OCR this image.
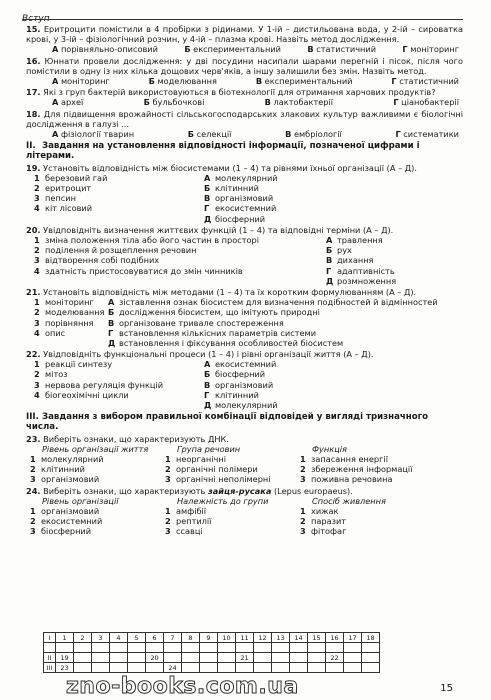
Вступ
15. Еритроцити помістили в 4 пробірки з рідинами. У 1-ій – дистильована вода, у 2-ій – сироватка крові, у 3-ій – фізіологічний розчин, у 4-ій – плазма крові. Назвіть метод дослідження.
А порівняльно-описовий	Б експериментальний	В статистичний	Г моніторинг
16. Юннати провели дослідження: у дві посудини насипали шарами перегній і пісок, після чого помістили в одну із них кілька дощових черв'яків, а іншу залишили без змін. Назвіть метод.
А моніторинг	Б моделювання	В експериментальний	Г статистичний
17. Які з груп бактерій використовуються в біотехнології для отримання харчових продуктів?
А археї	Б бульбочкові	В лактобактерії	Г ціанобактерії
18. Для підвищення врожайності сільськогосподарських злакових культур важливими є біологічні дослідження в галузі …
А фізіології тварин	Б селекції	В ембріології	Г систематики
ІІ. Завдання на установлення відповідності інформації, позначеної цифрами і літерами.
19. Установіть відповідність між біосистемами (1 – 4) та рівнями їхньої організації (А – Д).
1 березовий гай
2 еритроцит
3 пепсин
4 кіт лісовий
А молекулярний
Б клітинний
В організмовий
Г екосистемний
Д біосферний
20. Увідповідніть визначення життєвих функцій (1 – 4) та відповідні терміни (А – Д).
1 зміна положення тіла або його частин в просторі
2 поділення й розщеплення речовин
3 відтворення собі подібних
4 здатність пристосовуватися до змін чинників
А травлення
Б рух
В дихання
Г адаптивність
Д розмноження
21. Установіть відповідність між методами (1 – 4) та їх коротким формулюванням (А – Д).
1 моніторинг
2 моделювання
3 порівняння
4 опис
А зіставлення ознак біосистем для визначення подібностей й відмінностей
Б дослідження біосистем, що імітують природні
В організоване тривале спостереження
Г встановлення кількісних параметрів системи
Д встановлення і фіксування особливостей біосистем
22. Увідповідніть функціональні процеси (1 – 4) і рівні організації життя (А – Д).
1 реакції синтезу
2 мітоз
3 нервова регуляція функцій
4 біогеохімічні цикли
А екосистемний
Б біосферний
В організмовий
Г клітинний
Д молекулярний
ІІІ. Завдання з вибором правильної комбінації відповідей у вигляді тризначного числа.
23. Виберіть ознаки, що характеризують ДНК.
Рівень організації життя
1 молекулярний
2 клітинний
3 організмовий
Група речовин
1 неорганічні
2 органічні полімери
3 органічні неполімерні
Функція
1 запасання енергії
2 збереження інформації
3 поживна речовина
24. Виберіть ознаки, що характеризують зайця-русака (Lepus europaeus).
Рівень організації
1 організмовий
2 екосистемний
3 біосферний
Належність до групи
1 амфібії
2 рептилії
3 ссавці
Спосіб живлення
1 хижак
2 паразит
3 фітофаг
І	1	2	3	4	5	6	7	8	9	10	11	12	13	14	15	16	17	18

ІІ	19					20					21					22		
ІІІ	23						24											
zno-books.com.ua	15
